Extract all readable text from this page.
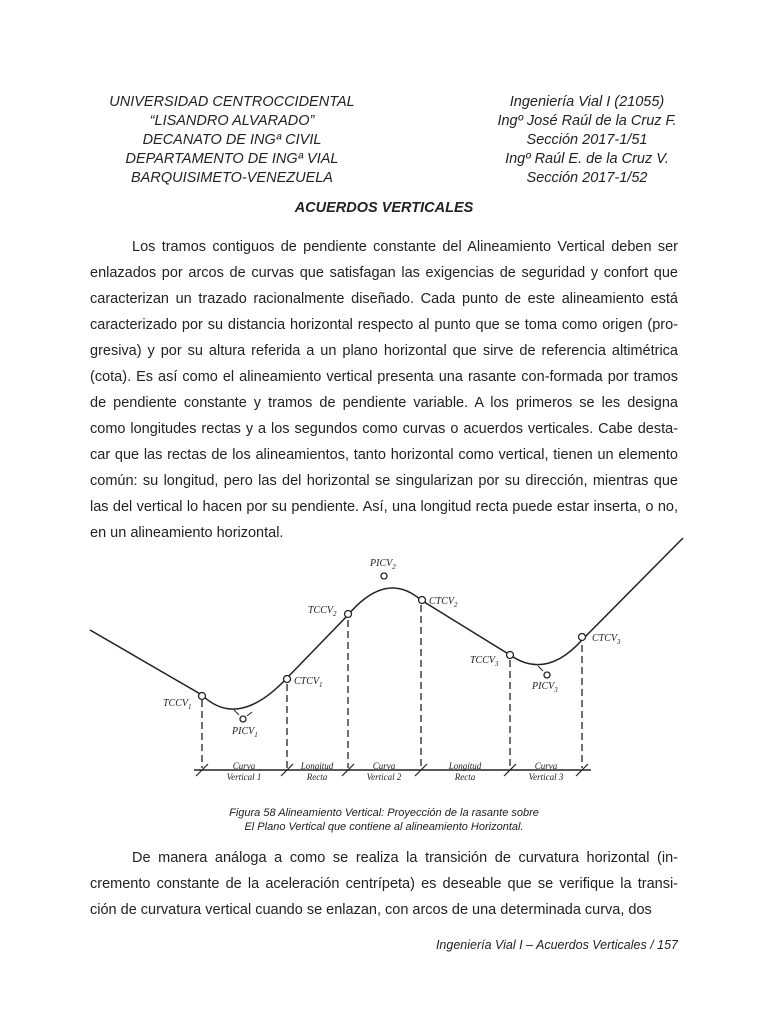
UNIVERSIDAD CENTROCCIDENTAL
“LISANDRO ALVARADO”
DECANATO DE INGª CIVIL
DEPARTAMENTO DE INGª VIAL
BARQUISIMETO-VENEZUELA
Ingeniería Vial I (21055)
Ingº José Raúl de la Cruz F.
Sección 2017-1/51
Ingº Raúl E. de la Cruz V.
Sección 2017-1/52
ACUERDOS VERTICALES

Los tramos contiguos de pendiente constante del Alineamiento Vertical deben ser enlazados por arcos de curvas que satisfagan las exigencias de seguridad y confort que caracterizan un trazado racionalmente diseñado. Cada punto de este alineamiento está caracterizado por su distancia horizontal respecto al punto que se toma como origen (pro-gresiva) y por su altura referida a un plano horizontal que sirve de referencia altimétrica (cota). Es así como el alineamiento vertical presenta una rasante con-formada por tramos de pendiente constante y tramos de pendiente variable. A los primeros se les designa como longitudes rectas y a los segundos como curvas o acuerdos verticales. Cabe desta-car que las rectas de los alineamientos, tanto horizontal como vertical, tienen un elemento común: su longitud, pero las del horizontal se singularizan por su dirección, mientras que las del vertical lo hacen por su pendiente. Así, una longitud recta puede estar inserta, o no, en un alineamiento horizontal.

$TCCV_1$
$PICV_1$
$CTCV_1$
$TCCV_2$
$PICV_2$
$CTCV_2$
$TCCV_3$
$PICV_3$
$CTCV_3$
Curva Vertical 1
Longitud Recta
Curva Vertical 2
Longitud Recta
Curva Vertical 3
Figura 58 Alineamiento Vertical: Proyección de la rasante sobre
El Plano Vertical que contiene al alineamiento Horizontal.

De manera análoga a como se realiza la transición de curvatura horizontal (in-cremento constante de la aceleración centrípeta) es deseable que se verifique la transi-ción de curvatura vertical cuando se enlazan, con arcos de una determinada curva, dos

Ingeniería Vial I – Acuerdos Verticales / 157
